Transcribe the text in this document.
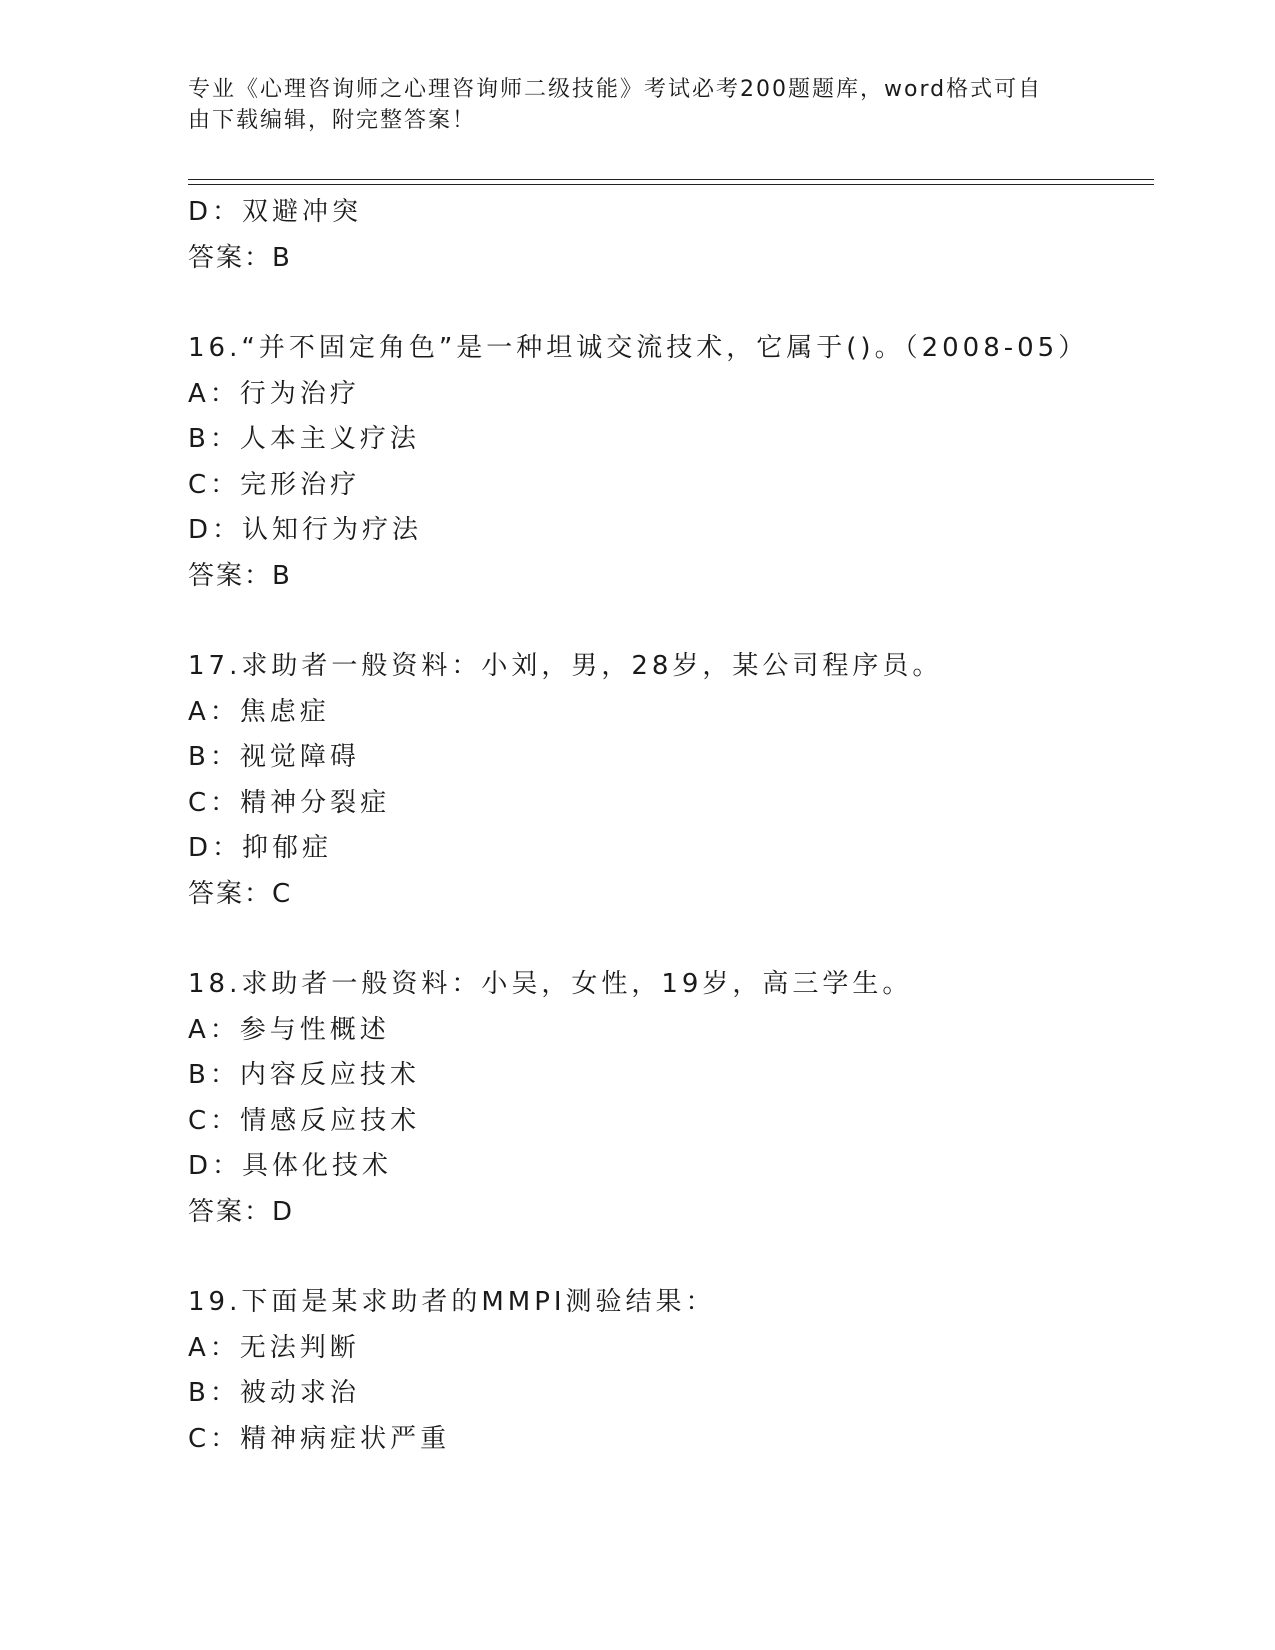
专业《心理咨询师之心理咨询师二级技能》考试必考200题题库，word格式可自
由下载编辑，附完整答案！
D：双避冲突
答案：B
16.“并不固定角色”是一种坦诚交流技术，它属于()。（2008-05）
A：行为治疗
B：人本主义疗法
C：完形治疗
D：认知行为疗法
答案：B
17.求助者一般资料：小刘，男，28岁，某公司程序员。
A：焦虑症
B：视觉障碍
C：精神分裂症
D：抑郁症
答案：C
18.求助者一般资料：小吴，女性，19岁，高三学生。
A：参与性概述
B：内容反应技术
C：情感反应技术
D：具体化技术
答案：D
19.下面是某求助者的MMPI测验结果：
A：无法判断
B：被动求治
C：精神病症状严重
